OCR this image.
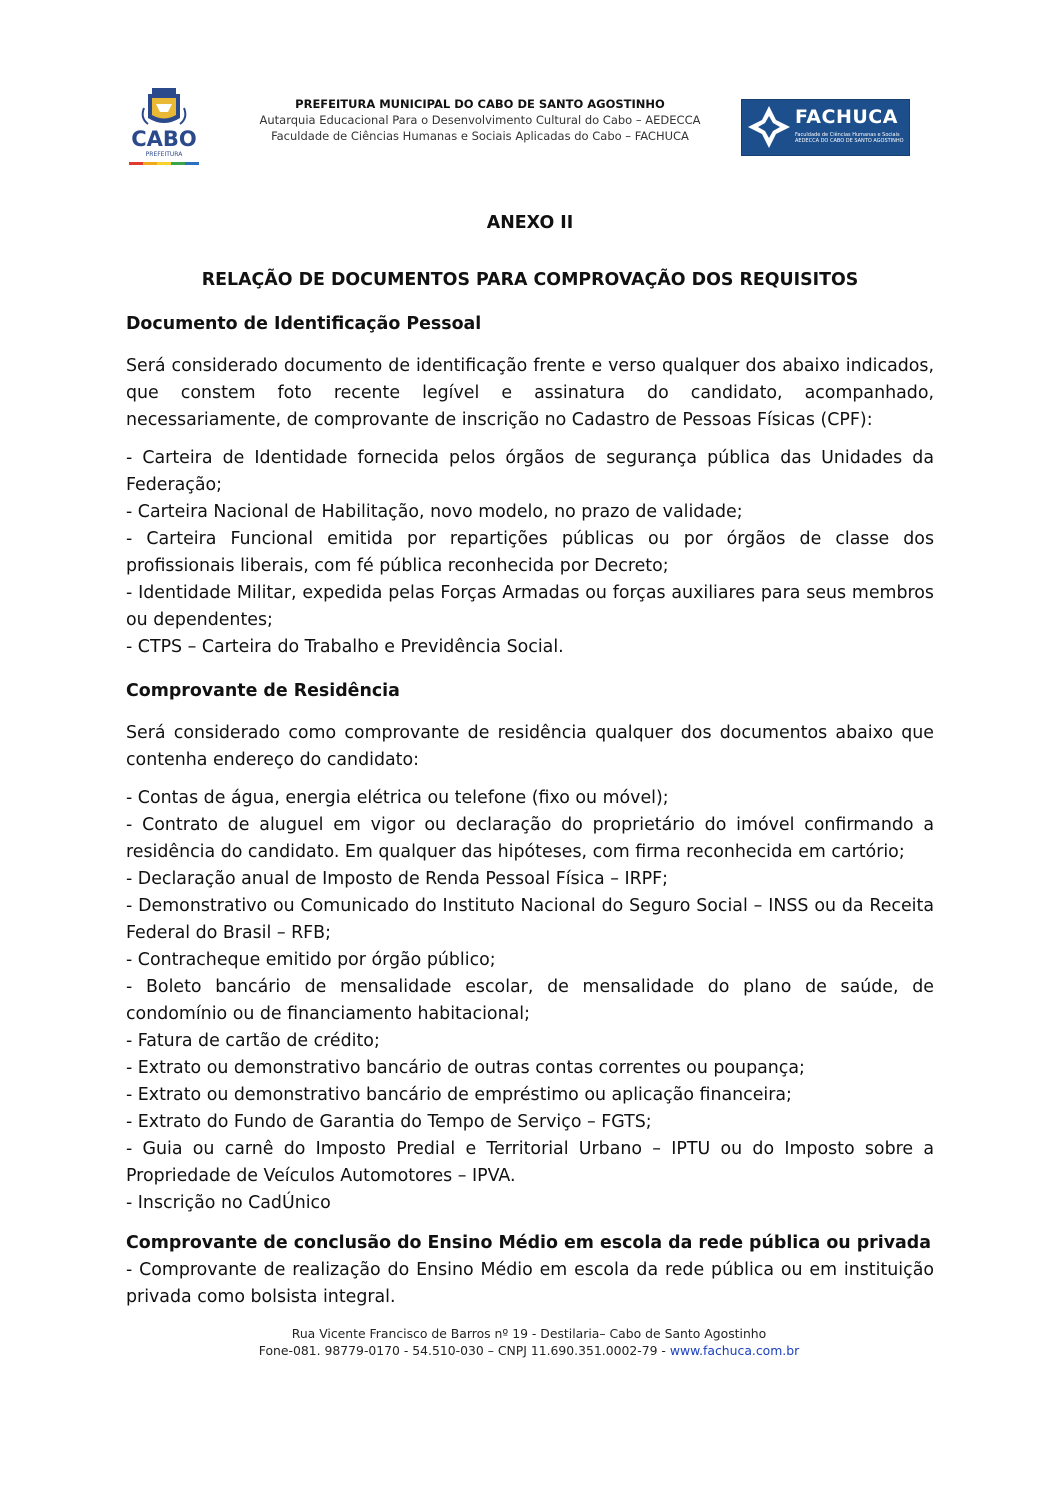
CABO
PREFEITURA
PREFEITURA MUNICIPAL DO CABO DE SANTO AGOSTINHO
Autarquia Educacional Para o Desenvolvimento Cultural do Cabo – AEDECCA
Faculdade de Ciências Humanas e Sociais Aplicadas do Cabo – FACHUCA
FACHUCA
Faculdade de Ciências Humanas e Sociais AEDECCA DO CABO DE SANTO AGOSTINHO
ANEXO II
RELAÇÃO DE DOCUMENTOS PARA COMPROVAÇÃO DOS REQUISITOS
Documento de Identificação Pessoal

Será considerado documento de identificação frente e verso qualquer dos abaixo indicados, que constem foto recente legível e assinatura do candidato, acompanhado, necessariamente, de comprovante de inscrição no Cadastro de Pessoas Físicas (CPF):

- Carteira de Identidade fornecida pelos órgãos de segurança pública das Unidades da Federação;

- Carteira Nacional de Habilitação, novo modelo, no prazo de validade;

- Carteira Funcional emitida por repartições públicas ou por órgãos de classe dos profissionais liberais, com fé pública reconhecida por Decreto;

- Identidade Militar, expedida pelas Forças Armadas ou forças auxiliares para seus membros ou dependentes;

- CTPS – Carteira do Trabalho e Previdência Social.

Comprovante de Residência

Será considerado como comprovante de residência qualquer dos documentos abaixo que contenha endereço do candidato:

- Contas de água, energia elétrica ou telefone (fixo ou móvel);

- Contrato de aluguel em vigor ou declaração do proprietário do imóvel confirmando a residência do candidato. Em qualquer das hipóteses, com firma reconhecida em cartório;

- Declaração anual de Imposto de Renda Pessoal Física – IRPF;

- Demonstrativo ou Comunicado do Instituto Nacional do Seguro Social – INSS ou da Receita Federal do Brasil – RFB;

- Contracheque emitido por órgão público;

- Boleto bancário de mensalidade escolar, de mensalidade do plano de saúde, de condomínio ou de financiamento habitacional;

- Fatura de cartão de crédito;

- Extrato ou demonstrativo bancário de outras contas correntes ou poupança;

- Extrato ou demonstrativo bancário de empréstimo ou aplicação financeira;

- Extrato do Fundo de Garantia do Tempo de Serviço – FGTS;

- Guia ou carnê do Imposto Predial e Territorial Urbano – IPTU ou do Imposto sobre a Propriedade de Veículos Automotores – IPVA.

- Inscrição no CadÚnico

Comprovante de conclusão do Ensino Médio em escola da rede pública ou privada

- Comprovante de realização do Ensino Médio em escola da rede pública ou em instituição privada como bolsista integral.

Rua Vicente Francisco de Barros nº 19 - Destilaria– Cabo de Santo Agostinho
Fone-081. 98779-0170 - 54.510-030 – CNPJ 11.690.351.0002-79 - www.fachuca.com.br
